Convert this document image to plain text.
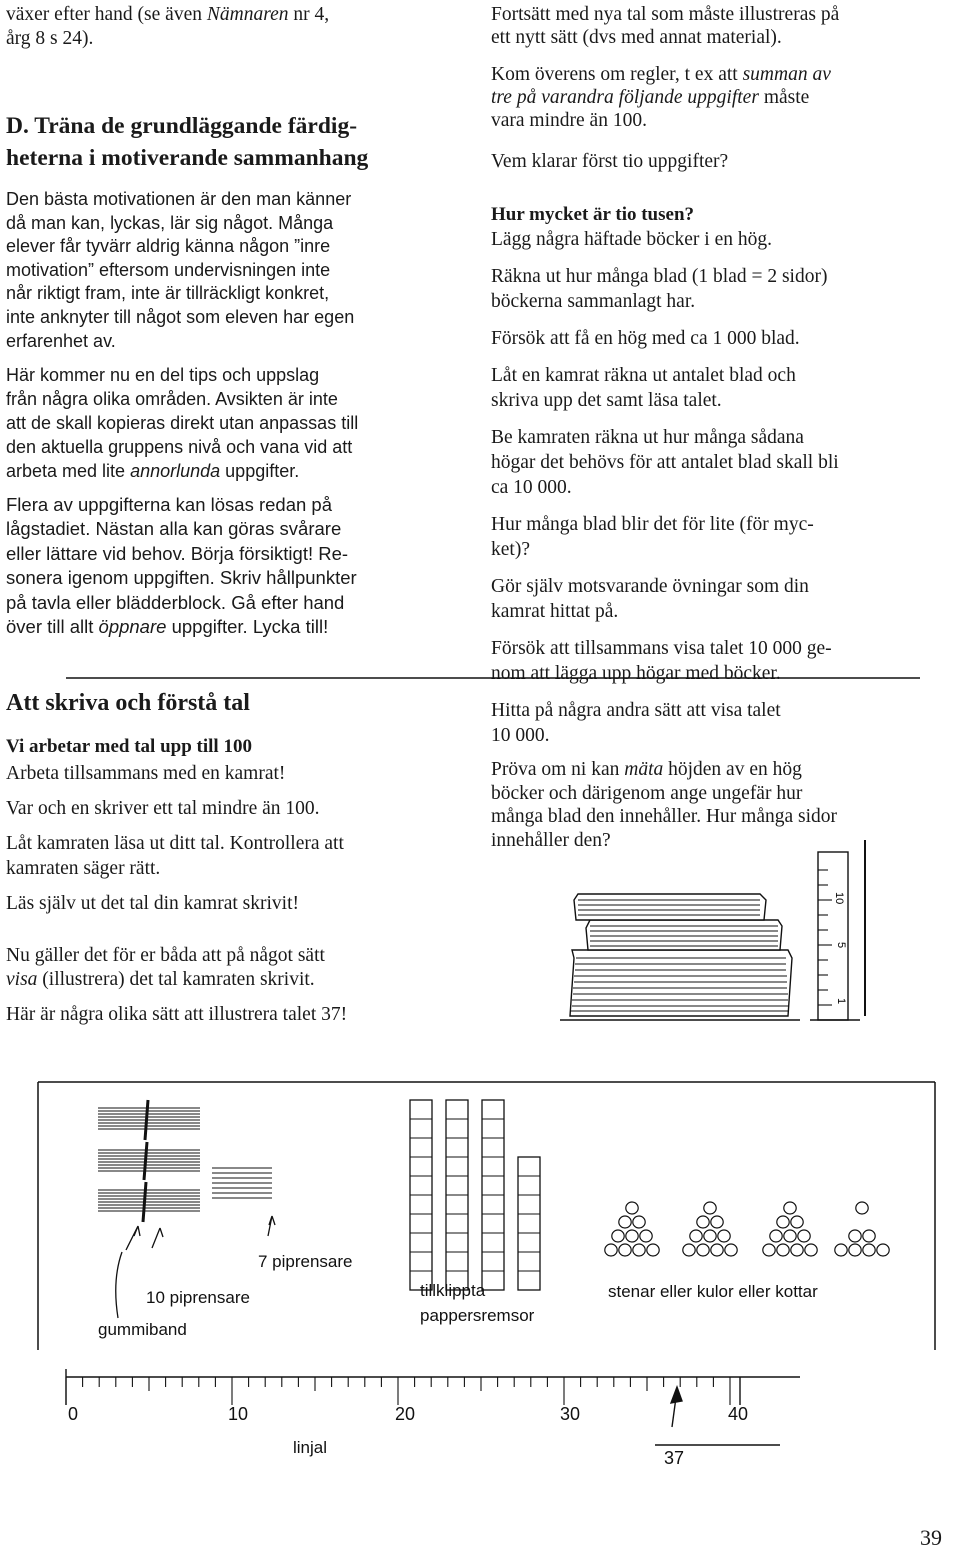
växer efter hand (se även Nämnaren nr 4,

årg 8 s 24).

D. Träna de grundläggande färdig-
heterna i motiverande sammanhang
Den bästa motivationen är den man känner
då man kan, lyckas, lär sig något. Många
elever får tyvärr aldrig känna någon ”inre
motivation” eftersom undervisningen inte
når riktigt fram, inte är tillräckligt konkret,
inte anknyter till något som eleven har egen
erfarenhet av.
Här kommer nu en del tips och uppslag
från några olika områden. Avsikten är inte
att de skall kopieras direkt utan anpassas till
den aktuella gruppens nivå och vana vid att
arbeta med lite annorlunda uppgifter.
Flera av uppgifterna kan lösas redan på
lågstadiet. Nästan alla kan göras svårare
eller lättare vid behov. Börja försiktigt! Re-
sonera igenom uppgiften. Skriv hållpunkter
på tavla eller blädderblock. Gå efter hand
över till allt öppnare uppgifter. Lycka till!
Att skriva och förstå tal
Vi arbetar med tal upp till 100

Arbeta tillsammans med en kamrat!

Var och en skriver ett tal mindre än 100.

Låt kamraten läsa ut ditt tal. Kontrollera att

kamraten säger rätt.

Läs själv ut det tal din kamrat skrivit!

Nu gäller det för er båda att på något sätt

visa (illustrera) det tal kamraten skrivit.

Här är några olika sätt att illustrera talet 37!

Fortsätt med nya tal som måste illustreras på
ett nytt sätt (dvs med annat material).
Kom överens om regler, t ex att summan av
tre på varandra följande uppgifter måste
vara mindre än 100.

Vem klarar först tio uppgifter?

Hur mycket är tio tusen?

Lägg några häftade böcker i en hög.

Räkna ut hur många blad (1 blad = 2 sidor)
böckerna sammanlagt har.

Försök att få en hög med ca 1 000 blad.

Låt en kamrat räkna ut antalet blad och
skriva upp det samt läsa talet.
Be kamraten räkna ut hur många sådana
högar det behövs för att antalet blad skall bli
ca 10 000.
Hur många blad blir det för lite (för myc-
ket)?
Gör själv motsvarande övningar som din
kamrat hittat på.
Försök att tillsammans visa talet 10 000 ge-
nom att lägga upp högar med böcker.
Hitta på några andra sätt att visa talet
10 000.
Pröva om ni kan mäta höjden av en hög
böcker och därigenom ange ungefär hur
många blad den innehåller. Hur många sidor
innehåller den?
10
5
1
7 piprensare
10 piprensare
gummiband
tillklippta
pappersremsor
stenar eller kulor eller kottar
0	10	20	30	40
linjal
37
39
